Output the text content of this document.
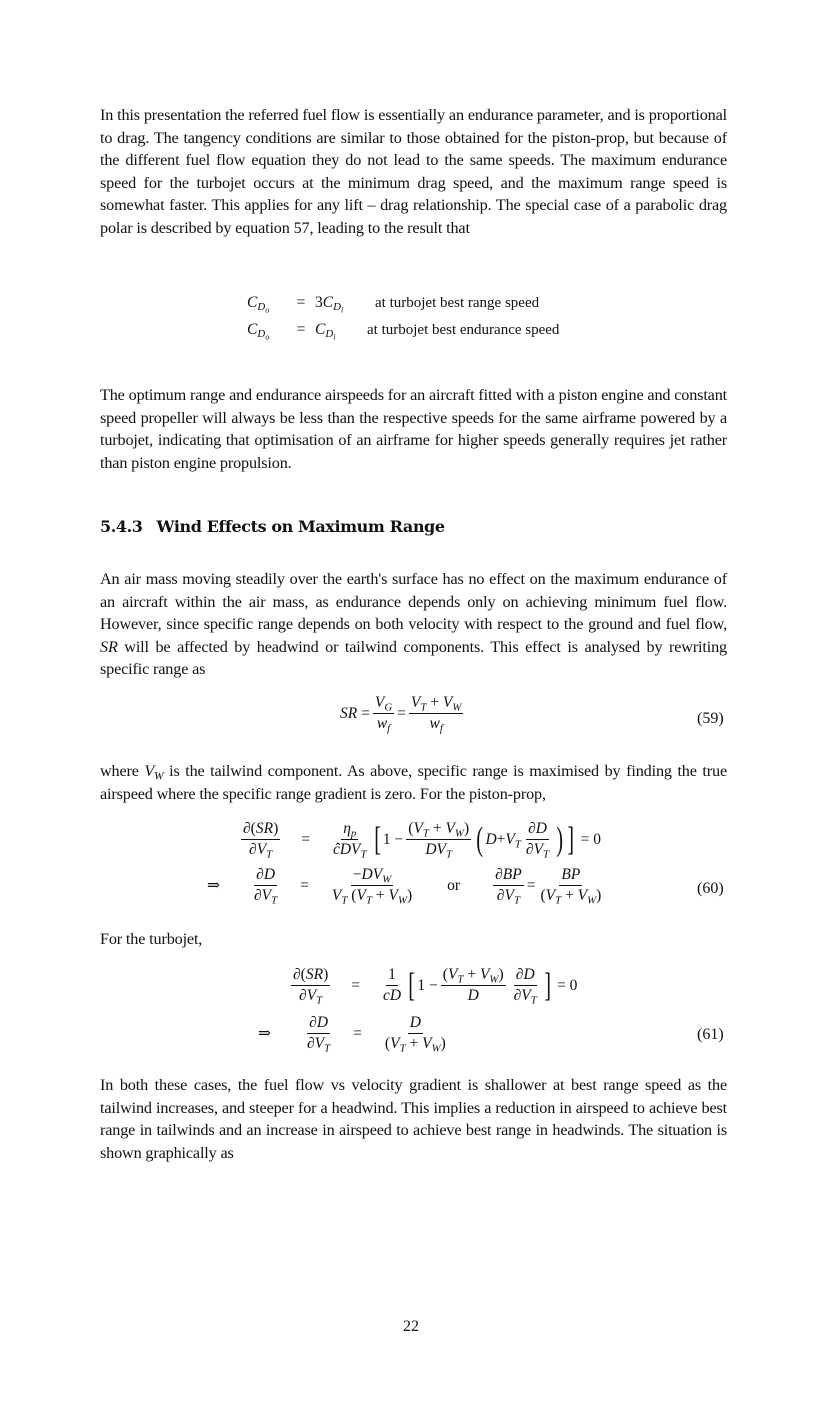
In this presentation the referred fuel flow is essentially an endurance parameter, and is proportional to drag. The tangency conditions are similar to those obtained for the piston-prop, but because of the different fuel flow equation they do not lead to the same speeds. The maximum endurance speed for the turbojet occurs at the minimum drag speed, and the maximum range speed is somewhat faster. This applies for any lift – drag relationship. The special case of a parabolic drag polar is described by equation 57, leading to the result that

$C_{D_o}$	= $3C_{D_i}$	at turbojet best range speed
$C_{D_o}$	= $C_{D_i}$	at turbojet best endurance speed

The optimum range and endurance airspeeds for an aircraft fitted with a piston engine and constant speed propeller will always be less than the respective speeds for the same airframe powered by a turbojet, indicating that optimisation of an airframe for higher speeds generally requires jet rather than piston engine propulsion.

5.4.3 Wind Effects on Maximum Range

An air mass moving steadily over the earth's surface has no effect on the maximum endurance of an aircraft within the air mass, as endurance depends only on achieving minimum fuel flow. However, since specific range depends on both velocity with respect to the ground and fuel flow, SR will be affected by headwind or tailwind components. This effect is analysed by rewriting specific range as

SR = $\frac{V_G}{w_f} = \frac{V_T + V_W}{w_f}$	(59)

where $V_W$ is the tailwind component. As above, specific range is maximised by finding the true airspeed where the specific range gradient is zero. For the piston-prop,

$\frac{\partial(SR)}{\partial V_T} = \frac{\eta_p}{ĉDV_T}$ [ $1 - \frac{(V_T + V_W)}{DV_T}$ ( $D + V_T \frac{\partial D}{\partial V_T}$ ) ] = 0
⇒	$\frac{\partial D}{\partial V_T} = \frac{-DV_W}{V_T (V_T + V_W)}$ or $\frac{\partial BP}{\partial V_T} = \frac{BP}{(V_T + V_W)}$	(60)

For the turbojet,

$\frac{\partial(SR)}{\partial V_T} = \frac{1}{cD}$ [ $1 - \frac{(V_T + V_W)}{D} \frac{\partial D}{\partial V_T}$ ] = 0
⇒	$\frac{\partial D}{\partial V_T} = \frac{D}{(V_T + V_W)}$	(61)

In both these cases, the fuel flow vs velocity gradient is shallower at best range speed as the tailwind increases, and steeper for a headwind. This implies a reduction in airspeed to achieve best range in tailwinds and an increase in airspeed to achieve best range in headwinds. The situation is shown graphically as

22
